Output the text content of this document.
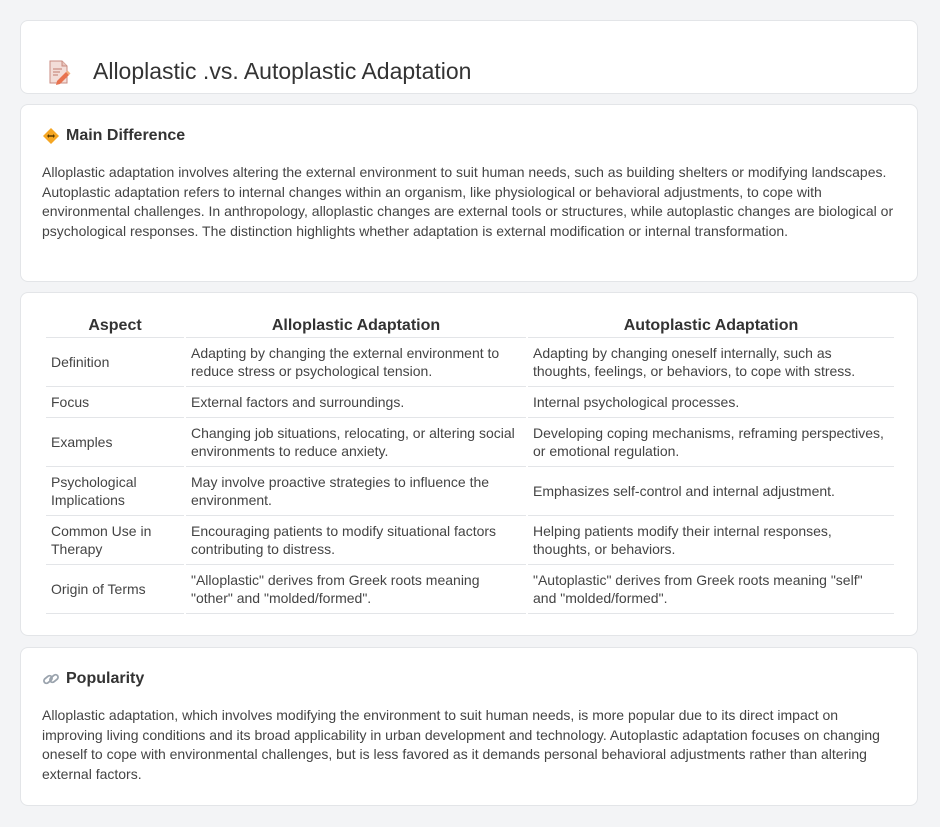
Alloplastic .vs. Autoplastic Adaptation
Main Difference

Alloplastic adaptation involves altering the external environment to suit human needs, such as building shelters or modifying landscapes. Autoplastic adaptation refers to internal changes within an organism, like physiological or behavioral adjustments, to cope with environmental challenges. In anthropology, alloplastic changes are external tools or structures, while autoplastic changes are biological or psychological responses. The distinction highlights whether adaptation is external modification or internal transformation.

Aspect	Alloplastic Adaptation	Autoplastic Adaptation
Definition	Adapting by changing the external environment to reduce stress or psychological tension.	Adapting by changing oneself internally, such as thoughts, feelings, or behaviors, to cope with stress.
Focus	External factors and surroundings.	Internal psychological processes.
Examples	Changing job situations, relocating, or altering social environments to reduce anxiety.	Developing coping mechanisms, reframing perspectives, or emotional regulation.
Psychological Implications	May involve proactive strategies to influence the environment.	Emphasizes self-control and internal adjustment.
Common Use in Therapy	Encouraging patients to modify situational factors contributing to distress.	Helping patients modify their internal responses, thoughts, or behaviors.
Origin of Terms	"Alloplastic" derives from Greek roots meaning "other" and "molded/formed".	"Autoplastic" derives from Greek roots meaning "self" and "molded/formed".
Popularity

Alloplastic adaptation, which involves modifying the environment to suit human needs, is more popular due to its direct impact on improving living conditions and its broad applicability in urban development and technology. Autoplastic adaptation focuses on changing oneself to cope with environmental challenges, but is less favored as it demands personal behavioral adjustments rather than altering external factors.
